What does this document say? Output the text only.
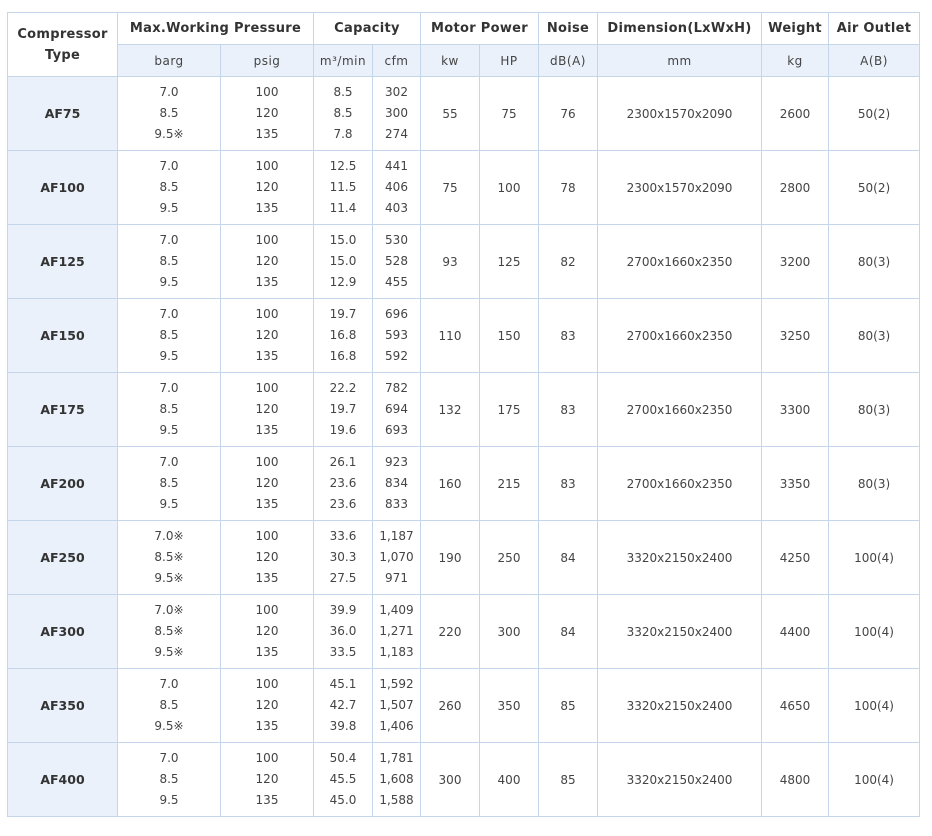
Compressor
Type	Max.Working Pressure		Capacity		Motor Power		Noise	Dimension(LxWxH)	Weight	Air Outlet
	barg	psig	m³/min	cfm	kw	HP	dB(A)	mm	kg	A(B)
AF75	7.0
8.5
9.5※	100
120
135	8.5
8.5
7.8	302
300
274	55	75	76	2300x1570x2090	2600	50(2)
AF100	7.0
8.5
9.5	100
120
135	12.5
11.5
11.4	441
406
403	75	100	78	2300x1570x2090	2800	50(2)
AF125	7.0
8.5
9.5	100
120
135	15.0
15.0
12.9	530
528
455	93	125	82	2700x1660x2350	3200	80(3)
AF150	7.0
8.5
9.5	100
120
135	19.7
16.8
16.8	696
593
592	110	150	83	2700x1660x2350	3250	80(3)
AF175	7.0
8.5
9.5	100
120
135	22.2
19.7
19.6	782
694
693	132	175	83	2700x1660x2350	3300	80(3)
AF200	7.0
8.5
9.5	100
120
135	26.1
23.6
23.6	923
834
833	160	215	83	2700x1660x2350	3350	80(3)
AF250	7.0※
8.5※
9.5※	100
120
135	33.6
30.3
27.5	1,187
1,070
971	190	250	84	3320x2150x2400	4250	100(4)
AF300	7.0※
8.5※
9.5※	100
120
135	39.9
36.0
33.5	1,409
1,271
1,183	220	300	84	3320x2150x2400	4400	100(4)
AF350	7.0
8.5
9.5※	100
120
135	45.1
42.7
39.8	1,592
1,507
1,406	260	350	85	3320x2150x2400	4650	100(4)
AF400	7.0
8.5
9.5	100
120
135	50.4
45.5
45.0	1,781
1,608
1,588	300	400	85	3320x2150x2400	4800	100(4)
